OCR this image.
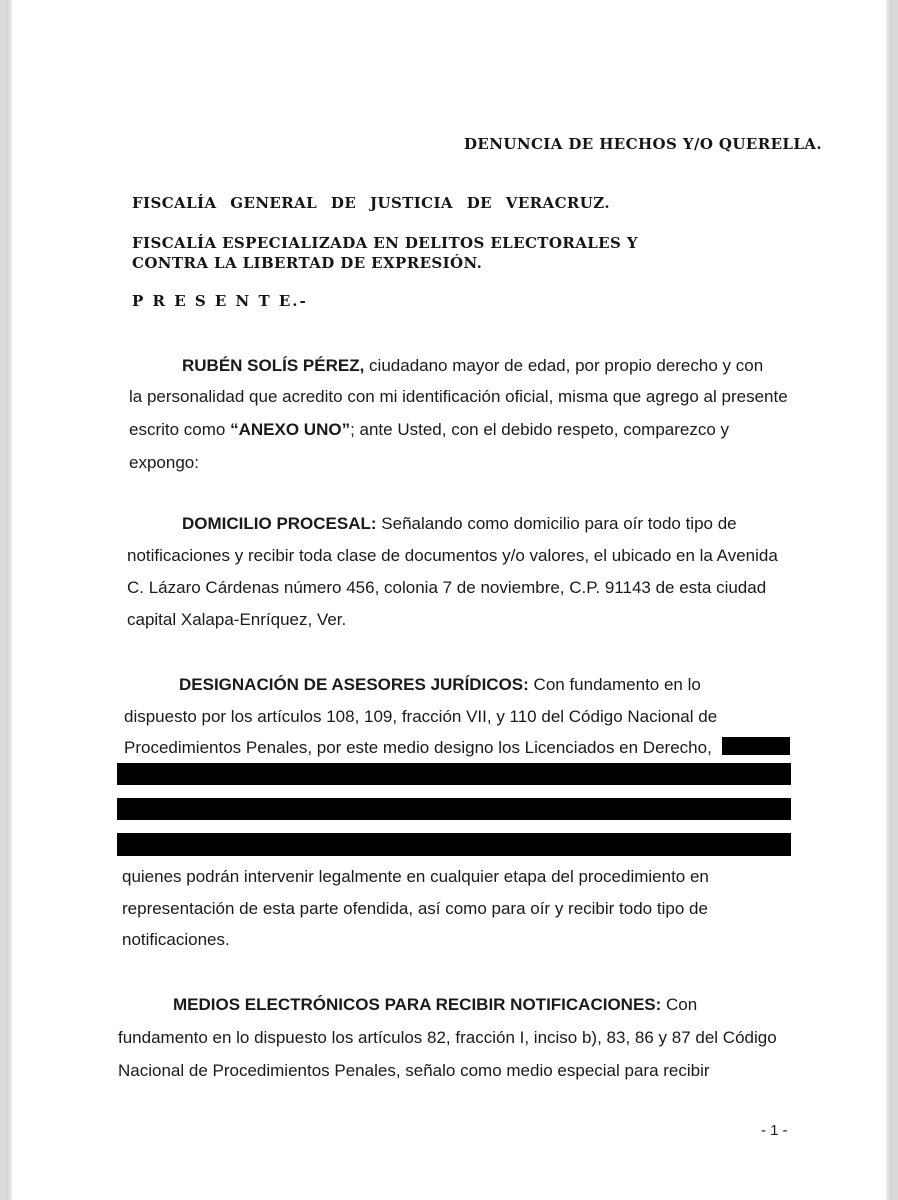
DENUNCIA DE HECHOS Y/O QUERELLA.
FISCALÍA GENERAL DE JUSTICIA DE VERACRUZ.
FISCALÍA ESPECIALIZADA EN DELITOS ELECTORALES Y
CONTRA LA LIBERTAD DE EXPRESIÓN.
P R E S E N T E.-
RUBÉN SOLÍS PÉREZ, ciudadano mayor de edad, por propio derecho y con
la personalidad que acredito con mi identificación oficial, misma que agrego al presente
escrito como “ANEXO UNO”; ante Usted, con el debido respeto, comparezco y
expongo:
DOMICILIO PROCESAL: Señalando como domicilio para oír todo tipo de
notificaciones y recibir toda clase de documentos y/o valores, el ubicado en la Avenida
C. Lázaro Cárdenas número 456, colonia 7 de noviembre, C.P. 91143 de esta ciudad
capital Xalapa-Enríquez, Ver.
DESIGNACIÓN DE ASESORES JURÍDICOS: Con fundamento en lo
dispuesto por los artículos 108, 109, fracción VII, y 110 del Código Nacional de
Procedimientos Penales, por este medio designo los Licenciados en Derecho,
quienes podrán intervenir legalmente en cualquier etapa del procedimiento en
representación de esta parte ofendida, así como para oír y recibir todo tipo de
notificaciones.
MEDIOS ELECTRÓNICOS PARA RECIBIR NOTIFICACIONES: Con
fundamento en lo dispuesto los artículos 82, fracción I, inciso b), 83, 86 y 87 del Código
Nacional de Procedimientos Penales, señalo como medio especial para recibir
- 1 -
